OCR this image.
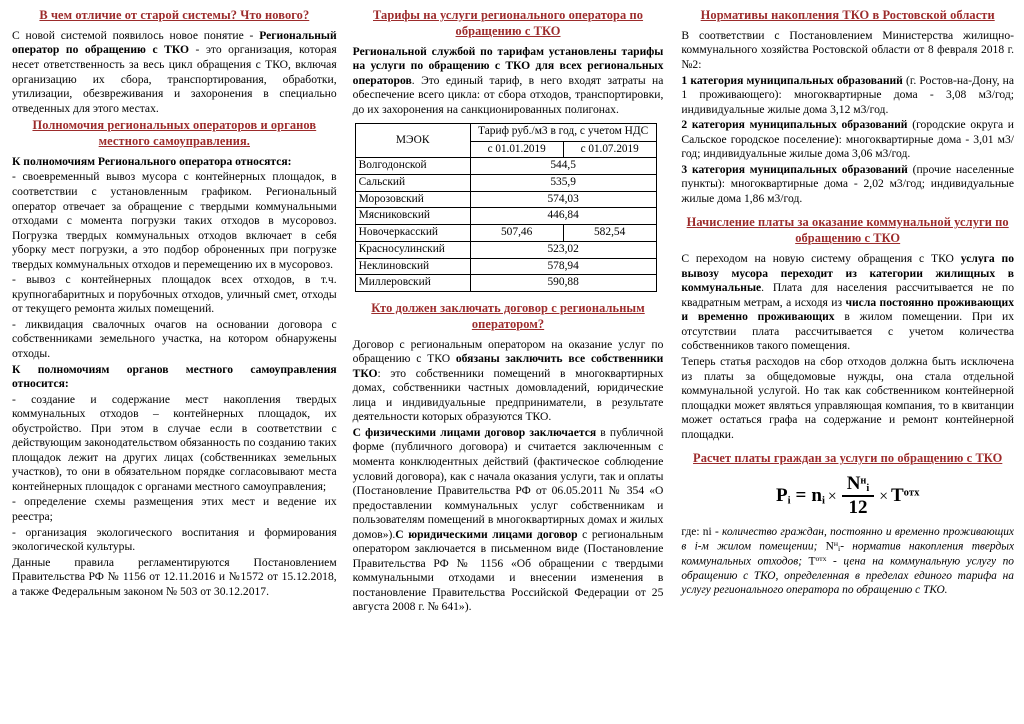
В чем отличие от старой системы? Что нового?

С новой системой появилось новое понятие - Региональный оператор по обращению с ТКО - это организация, которая несет ответственность за весь цикл обращения с ТКО, включая организацию их сбора, транспортирования, обработки, утилизации, обезвреживания и захоронения в специально отведенных для этого местах.

Полномочия региональных операторов и органов местного самоуправления.

К полномочиям Регионального оператора относятся:

- своевременный вывоз мусора с контейнерных площадок, в соответствии с установленным графиком. Региональный оператор отвечает за обращение с твердыми коммунальными отходами с момента погрузки таких отходов в мусоровоз. Погрузка твердых коммунальных отходов включает в себя уборку мест погрузки, а это подбор оброненных при погрузке твердых коммунальных отходов и перемещению их в мусоровоз.

- вывоз с контейнерных площадок всех отходов, в т.ч. крупногабаритных и порубочных отходов, уличный смет, отходы от текущего ремонта жилых помещений.

- ликвидация свалочных очагов на основании договора с собственниками земельного участка, на котором обнаружены отходы.

К полномочиям органов местного самоуправления относится:

- создание и содержание мест накопления твердых коммунальных отходов – контейнерных площадок, их обустройство. При этом в случае если в соответствии с действующим законодательством обязанность по созданию таких площадок лежит на других лицах (собственниках земельных участков), то они в обязательном порядке согласовывают места контейнерных площадок с органами местного самоуправления;

- определение схемы размещения этих мест и ведение их реестра;

- организация экологического воспитания и формирования экологической культуры.

Данные правила регламентируются Постановлением Правительства РФ № 1156 от 12.11.2016 и №1572 от 15.12.2018, а также Федеральным законом № 503 от 30.12.2017.

Тарифы на услуги регионального оператора по обращению с ТКО

Региональной службой по тарифам установлены тарифы на услуги по обращению с ТКО для всех региональных операторов. Это единый тариф, в него входят затраты на обеспечение всего цикла: от сбора отходов, транспортировки, до их захоронения на санкционированных полигонах.

МЭОК	Тариф руб./м3 в год, с учетом НДС	
	с 01.01.2019	с 01.07.2019
Волгодонской	544,5	
Сальский	535,9	
Морозовский	574,03	
Мясниковский	446,84	
Новочеркасский	507,46	582,54
Красносулинский	523,02	
Неклиновский	578,94	
Миллеровский	590,88	
Кто должен заключать договор с региональным оператором?

Договор с региональным оператором на оказание услуг по обращению с ТКО обязаны заключить все собственники ТКО: это собственники помещений в многоквартирных домах, собственники частных домовладений, юридические лица и индивидуальные предприниматели, в результате деятельности которых образуются ТКО.

С физическими лицами договор заключается в публичной форме (публичного договора) и считается заключенным с момента конклюдентных действий (фактическое соблюдение условий договора), как с начала оказания услуги, так и оплаты (Постановление Правительства РФ от 06.05.2011 № 354 «О предоставлении коммунальных услуг собственникам и пользователям помещений в многоквартирных домах и жилых домов»).С юридическими лицами договор с региональным оператором заключается в письменном виде (Постановление Правительства РФ № 1156 «Об обращении с твердыми коммунальными отходами и внесении изменения в постановление Правительства Российской Федерации от 25 августа 2008 г. № 641»).

Нормативы накопления ТКО в Ростовской области

В соответствии с Постановлением Министерства жилищно-коммунального хозяйства Ростовской области от 8 февраля 2018 г. №2:

1 категория муниципальных образований (г. Ростов-на-Дону, на 1 проживающего): многоквартирные дома - 3,08 м3/год; индивидуальные жилые дома 3,12 м3/год.

2 категория муниципальных образований (городские округа и Сальское городское поселение): многоквартирные дома - 3,01 м3/год; индивидуальные жилые дома 3,06 м3/год.

3 категория муниципальных образований (прочие населенные пункты): многоквартирные дома - 2,02 м3/год; индивидуальные жилые дома 1,86 м3/год.

Начисление платы за оказание коммунальной услуги по обращению с ТКО

С переходом на новую систему обращения с ТКО услуга по вывозу мусора переходит из категории жилищных в коммунальные. Плата для населения рассчитывается не по квадратным метрам, а исходя из числа постоянно проживающих и временно проживающих в жилом помещении. При их отсутствии плата рассчитывается с учетом количества собственников такого помещения.

Теперь статья расходов на сбор отходов должна быть исключена из платы за общедомовые нужды, она стала отдельной коммунальной услугой. Но так как собственником контейнерной площадки может являться управляющая компания, то в квитанции может остаться графа на содержание и ремонт контейнерной площадки.

Расчет платы граждан за услуги по обращению с ТКО
$P_i = n_i \times \frac{N^нi}{12} \times T^{отх}$

где: ni - количество граждан, постоянно и временно проживающих в i-м жилом помещении; $N^нi-$ норматив накопления твердых коммунальных отходов; $T^{отх}$ - цена на коммунальную услугу по обращению с ТКО, определенная в пределах единого тарифа на услугу регионального оператора по обращению с ТКО.
